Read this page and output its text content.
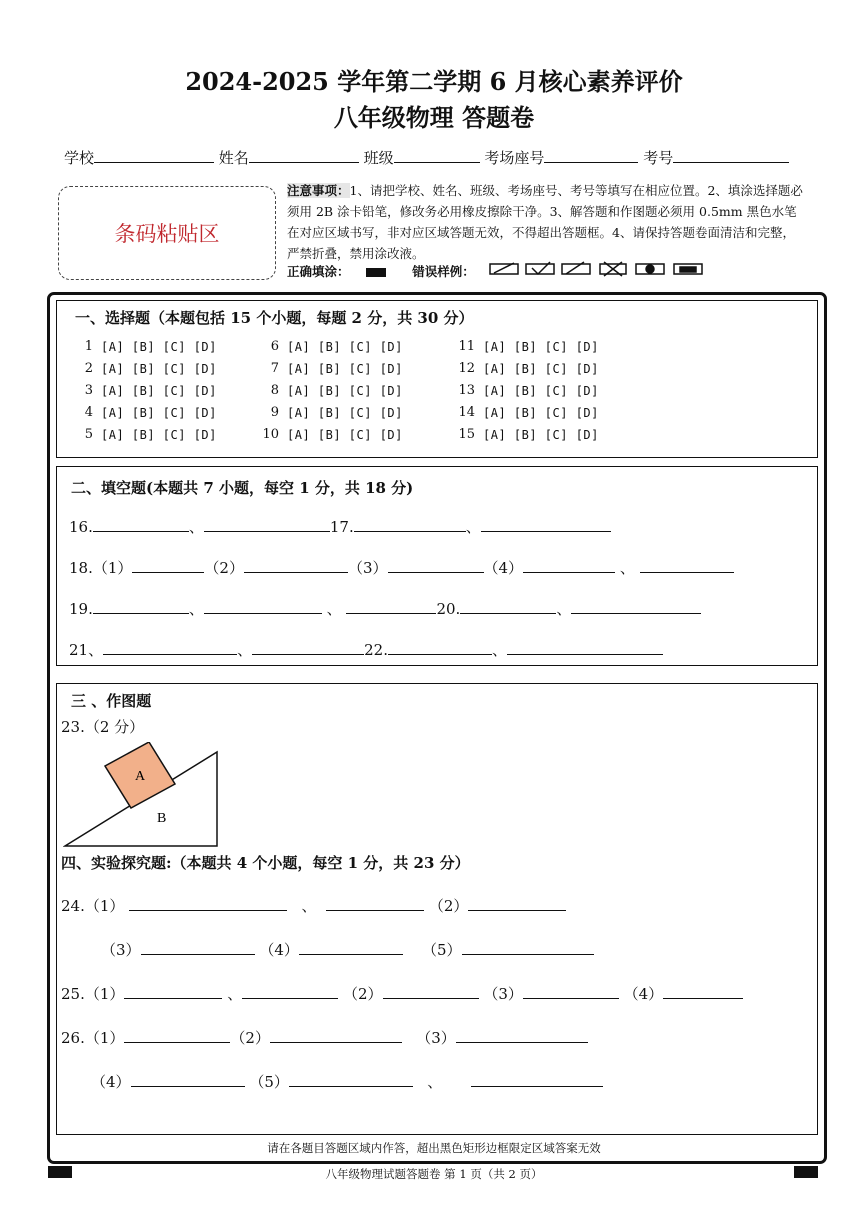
2024-2025 学年第二学期 6 月核心素养评价
八年级物理 答题卷
学校	姓名	班级	考场座号	考号
条码粘贴区
注意事项：1、请把学校、姓名、班级、考场座号、考号等填写在相应位置。2、填涂选择题必须用 2B 涂卡铅笔，修改务必用橡皮擦除干净。3、解答题和作图题必须用 0.5mm 黑色水笔在对应区域书写，非对应区域答题无效，不得超出答题框。4、请保持答题卷面清洁和完整，严禁折叠，禁用涂改液。
正确填涂：	错误样例：
一、选择题（本题包括 15 个小题，每题 2 分，共 30 分）
1 [A] [B] [C] [D]
2 [A] [B] [C] [D]
3 [A] [B] [C] [D]
4 [A] [B] [C] [D]
5 [A] [B] [C] [D]
6 [A] [B] [C] [D]
7 [A] [B] [C] [D]
8 [A] [B] [C] [D]
9 [A] [B] [C] [D]
10 [A] [B] [C] [D]
11 [A] [B] [C] [D]
12 [A] [B] [C] [D]
13 [A] [B] [C] [D]
14 [A] [B] [C] [D]
15 [A] [B] [C] [D]
二、填空题(本题共 7 小题，每空 1 分，共 18 分)
16.	、	17.	、
18.（1）	（2）	（3）	（4）	、
19.	、	、	20.	、
21、	、	22.	、
三 、作图题
23.（2 分）
A
B
四、实验探究题:（本题共 4 个小题，每空 1 分，共 23 分）
24.（1）	、	（2）
（3）	（4）	（5）
25.（1）	、	（2）	（3）	（4）
26.（1）	（2）	（3）
（4）	（5）	、
请在各题目答题区域内作答，超出黑色矩形边框限定区域答案无效
八年级物理试题答题卷 第 1 页（共 2 页）
